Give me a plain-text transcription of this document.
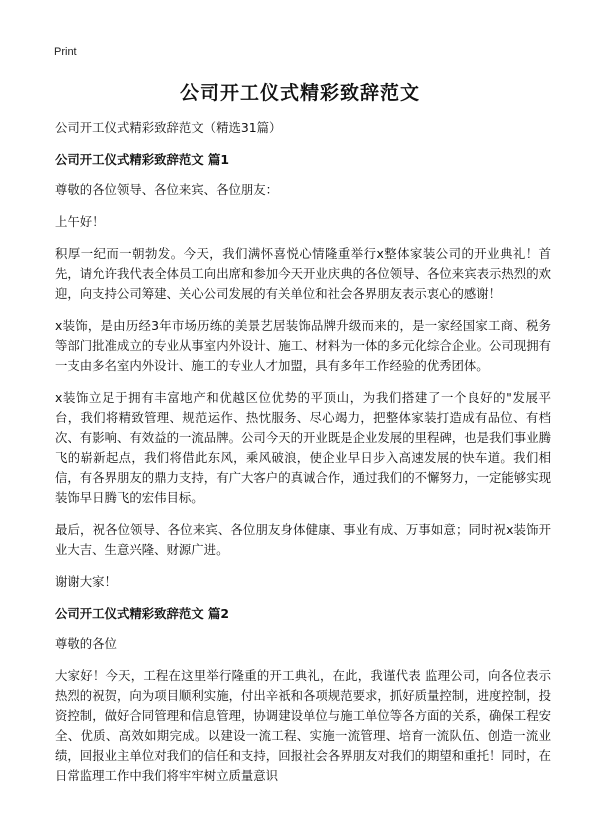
Print
公司开工仪式精彩致辞范文

公司开工仪式精彩致辞范文（精选31篇）

公司开工仪式精彩致辞范文 篇1

尊敬的各位领导、各位来宾、各位朋友：

上午好！

积厚一纪而一朝勃发。今天，我们满怀喜悦心情隆重举行x整体家装公司的开业典礼！首先，请允许我代表全体员工向出席和参加今天开业庆典的各位领导、各位来宾表示热烈的欢迎，向支持公司筹建、关心公司发展的有关单位和社会各界朋友表示衷心的感谢！

x装饰，是由历经3年市场历练的美景艺居装饰品牌升级而来的，是一家经国家工商、税务等部门批准成立的专业从事室内外设计、施工、材料为一体的多元化综合企业。公司现拥有一支由多名室内外设计、施工的专业人才加盟，具有多年工作经验的优秀团体。

x装饰立足于拥有丰富地产和优越区位优势的平顶山，为我们搭建了一个良好的"发展平台，我们将精致管理、规范运作、热忱服务、尽心竭力，把整体家装打造成有品位、有档次、有影响、有效益的一流品牌。公司今天的开业既是企业发展的里程碑，也是我们事业腾飞的崭新起点，我们将借此东风，乘风破浪，使企业早日步入高速发展的快车道。我们相信，有各界朋友的鼎力支持，有广大客户的真诚合作，通过我们的不懈努力，一定能够实现装饰早日腾飞的宏伟目标。

最后，祝各位领导、各位来宾、各位朋友身体健康、事业有成、万事如意；同时祝x装饰开业大吉、生意兴隆、财源广进。

谢谢大家！

公司开工仪式精彩致辞范文 篇2

尊敬的各位

大家好！今天，工程在这里举行隆重的开工典礼，在此，我谨代表 监理公司，向各位表示热烈的祝贺，向为项目顺利实施，付出辛祇和各项规范要求，抓好质量控制，进度控制，投资控制，做好合同管理和信息管理，协调建设单位与施工单位等各方面的关系，确保工程安全、优质、高效如期完成。以建设一流工程、实施一流管理、培育一流队伍、创造一流业绩，回报业主单位对我们的信任和支持，回报社会各界朋友对我们的期望和重托！同时，在日常监理工作中我们将牢牢树立质量意识
